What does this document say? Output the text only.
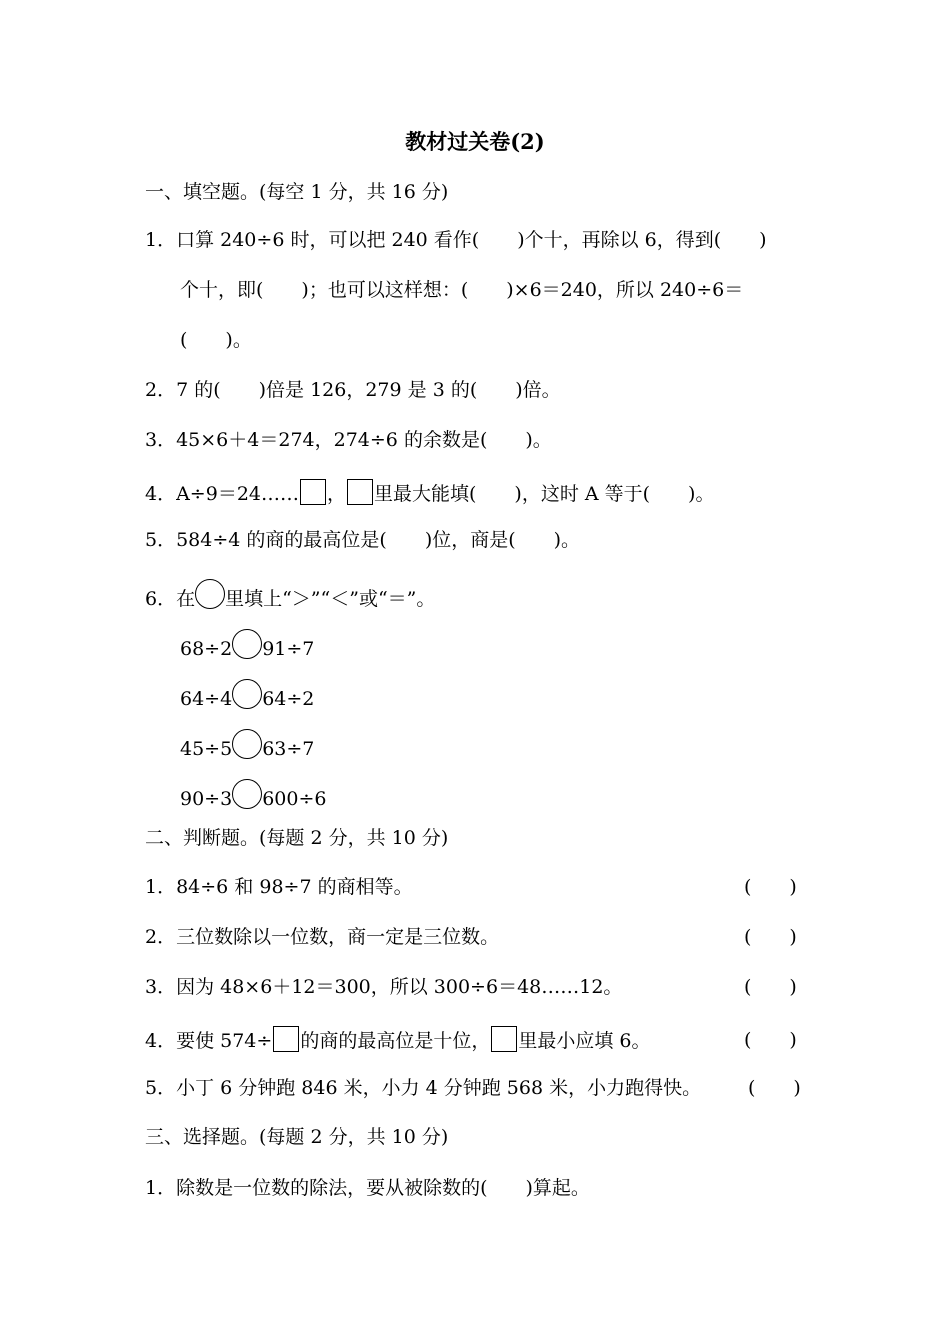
教材过关卷(2)
一、填空题。(每空 1 分，共 16 分)
1．口算 240÷6 时，可以把 240 看作(　　)个十，再除以 6，得到(　　)
个十，即(　　)；也可以这样想：(　　)×6＝240，所以 240÷6＝
(　　)。
2．7 的(　　)倍是 126，279 是 3 的(　　)倍。
3．45×6＋4＝274，274÷6 的余数是(　　)。
4．A÷9＝24…… ， 里最大能填(　　)，这时 A 等于(　　)。
5．584÷4 的商的最高位是(　　)位，商是(　　)。
6．在 里填上“＞”“＜”或“＝”。
68÷2 91÷7
64÷4 64÷2
45÷5 63÷7
90÷3 600÷6
二、判断题。(每题 2 分，共 10 分)
1．84÷6 和 98÷7 的商相等。	(　　)
2．三位数除以一位数，商一定是三位数。	(　　)
3．因为 48×6＋12＝300，所以 300÷6＝48……12。	(　　)
4．要使 574÷ 的商的最高位是十位， 里最小应填 6。	(　　)
5．小丁 6 分钟跑 846 米，小力 4 分钟跑 568 米，小力跑得快。 (　　)
三、选择题。(每题 2 分，共 10 分)
1．除数是一位数的除法，要从被除数的(　　)算起。
